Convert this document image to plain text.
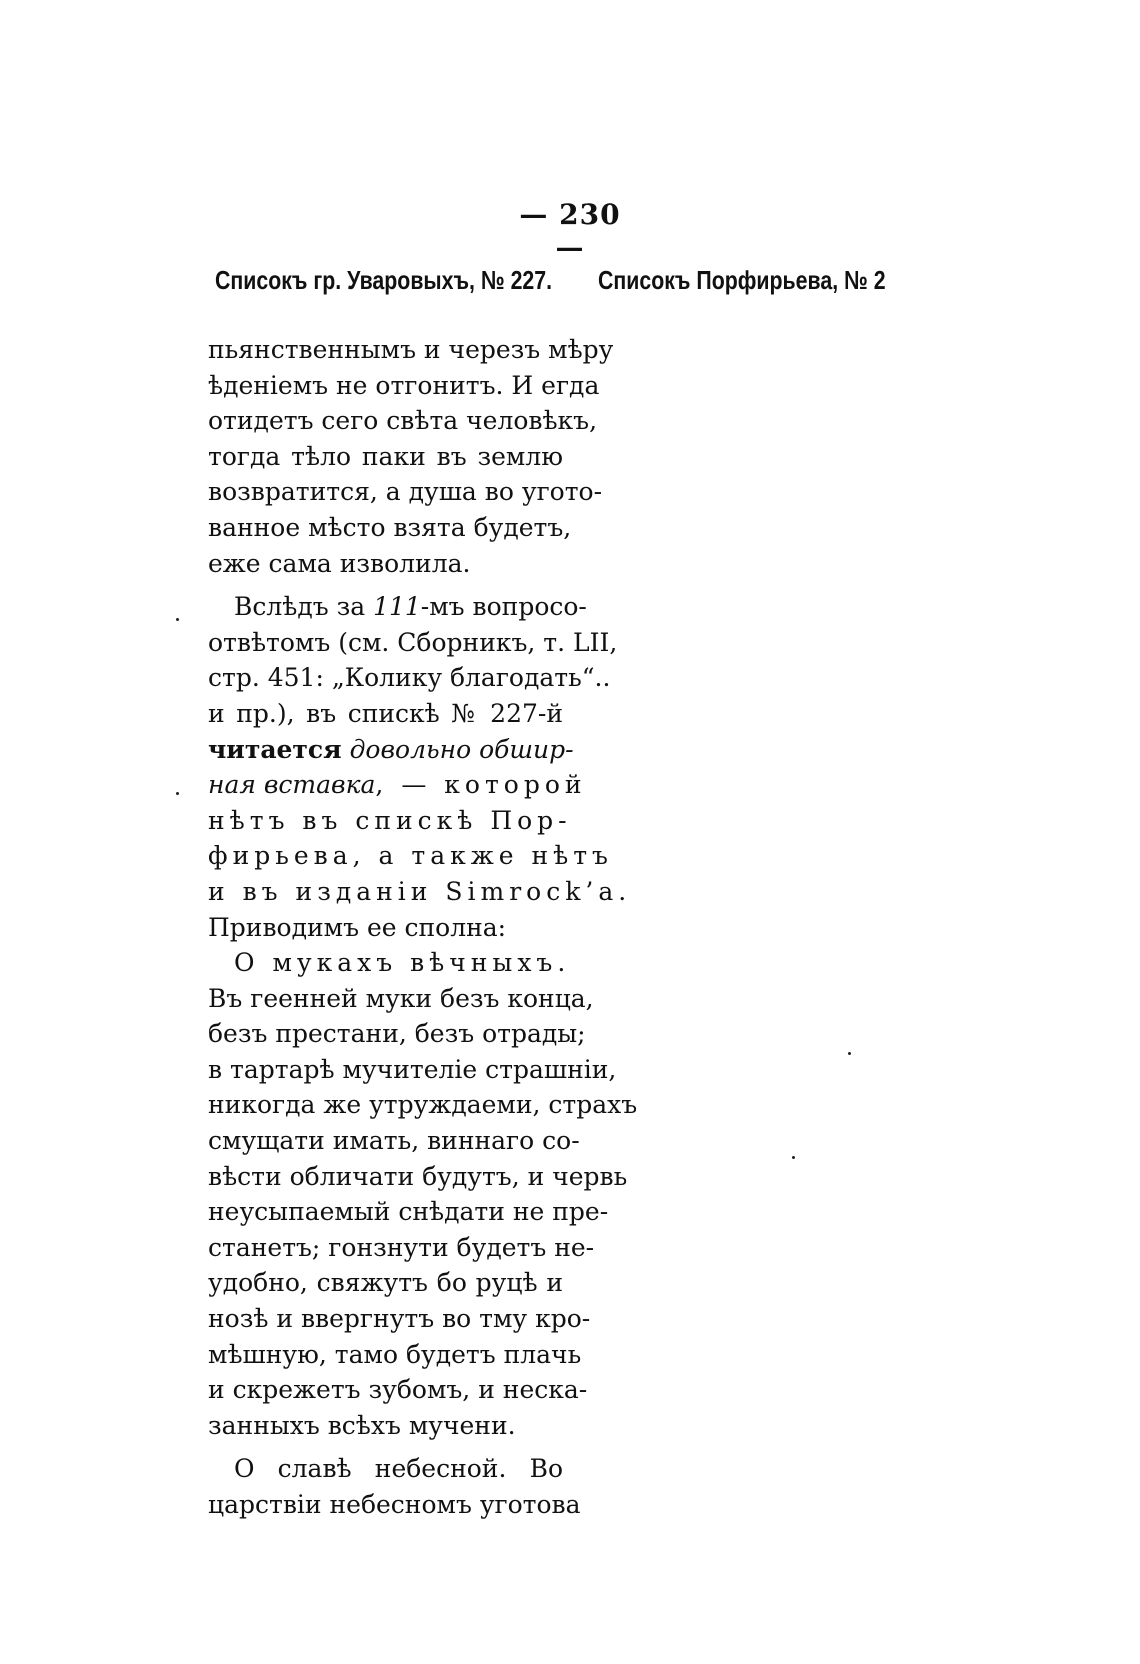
— 230 —
Списокъ гр. Уваровыхъ, № 227. Списокъ Порфирьева, № 2
пьянственнымъ и черезъ мѣру
ѣденіемъ не отгонитъ. И егда
отидетъ сего свѣта человѣкъ,
тогда тѣло паки въ землю
возвратится, а душа во угото-
ванное мѣсто взята будетъ,
еже сама изволила.
Вслѣдъ за 111-мъ вопросо-
отвѣтомъ (см. Сборникъ, т. LII,
стр. 451: „Колику благодать“..
и пр.), въ спискѣ № 227-й
читается довольно обшир-
ная вставка, — которой
нѣтъ въ спискѣ Пор-
фирьева, а также нѣтъ
и въ изданіи Simrock’a.
Приводимъ ее сполна:
О мукахъ вѣчныхъ.
Въ геенней муки безъ конца,
безъ престани, безъ отрады;
в тартарѣ мучителіе страшніи,
никогда же утруждаеми, страхъ
смущати имать, виннаго со-
вѣсти обличати будутъ, и червь
неусыпаемый снѣдати не пре-
станетъ; гонзнути будетъ не-
удобно, свяжутъ бо руцѣ и
нозѣ и ввергнутъ во тму кро-
мѣшную, тамо будетъ плачь
и скрежетъ зубомъ, и неска-
занныхъ всѣхъ мучени.
О славѣ небесной. Во
царствіи небесномъ уготова
